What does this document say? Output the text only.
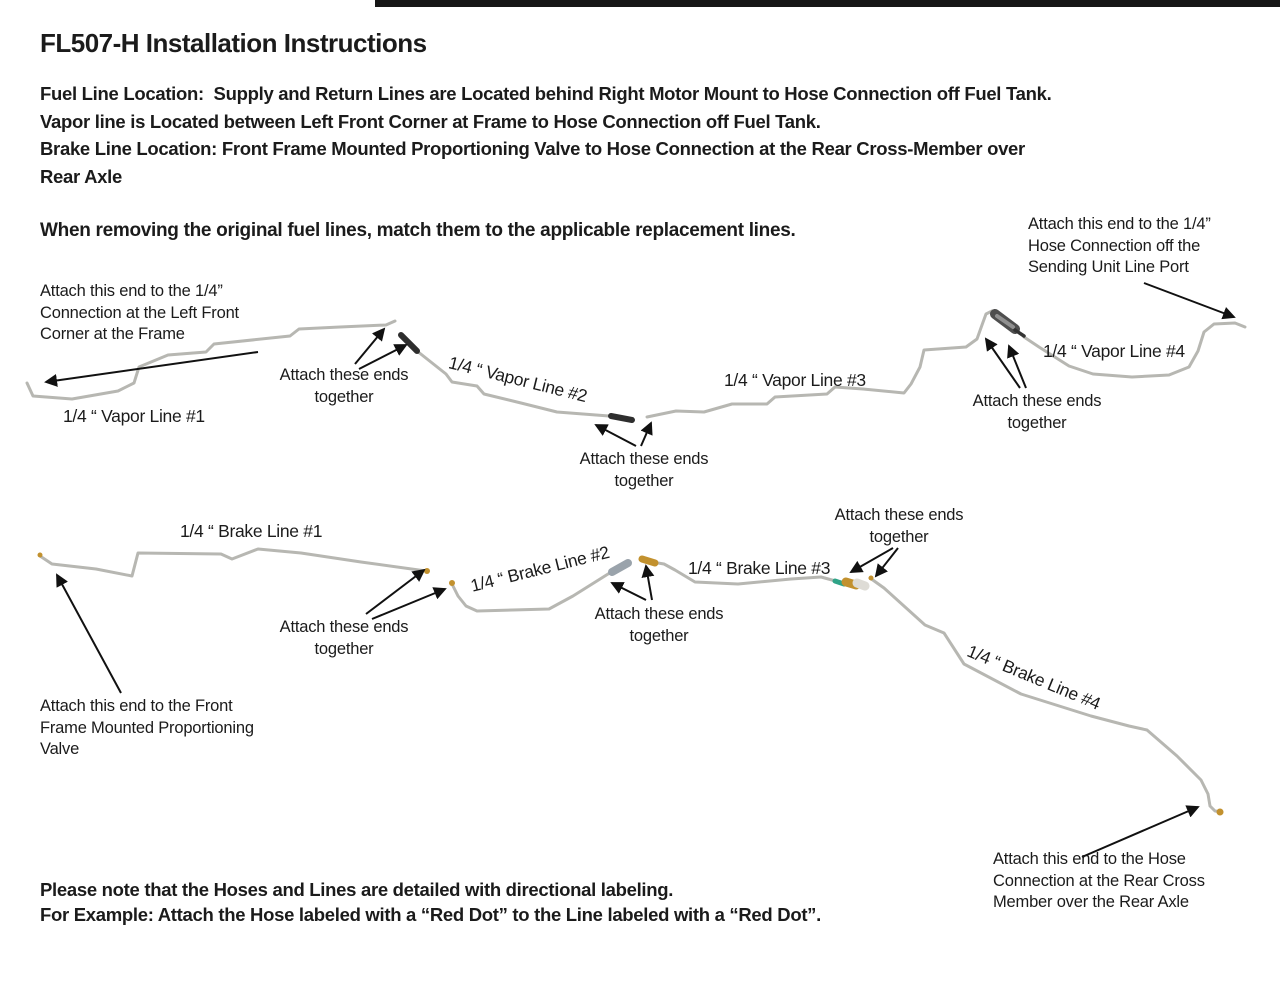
FL507-H Installation Instructions
Fuel Line Location:  Supply and Return Lines are Located behind Right Motor Mount to Hose Connection off Fuel Tank.
Vapor line is Located between Left Front Corner at Frame to Hose Connection off Fuel Tank.
Brake Line Location: Front Frame Mounted Proportioning Valve to Hose Connection at the Rear Cross-Member over
Rear Axle
When removing the original fuel lines, match them to the applicable replacement lines.	Attach this end to the 1/4”
Hose Connection off the
Sending Unit Line Port
Attach this end to the 1/4”
Connection at the Left Front
Corner at the Frame
Attach these ends
together
Attach these ends
together
Attach these ends
together
Attach these ends
together
Attach these ends
together
Attach these ends
together
Attach this end to the Front
Frame Mounted Proportioning
Valve
Attach this end to the Hose
Connection at the Rear Cross
Member over the Rear Axle
1/4 “ Vapor Line #1
1/4 “ Vapor Line #2	1/4 “ Vapor Line #3
1/4 “ Vapor Line #4
1/4 “ Brake Line #1
1/4 “ Brake Line #2	1/4 “ Brake Line #3
1/4 “ Brake Line #4
Please note that the Hoses and Lines are detailed with directional labeling.
For Example: Attach the Hose labeled with a “Red Dot” to the Line labeled with a “Red Dot”.
